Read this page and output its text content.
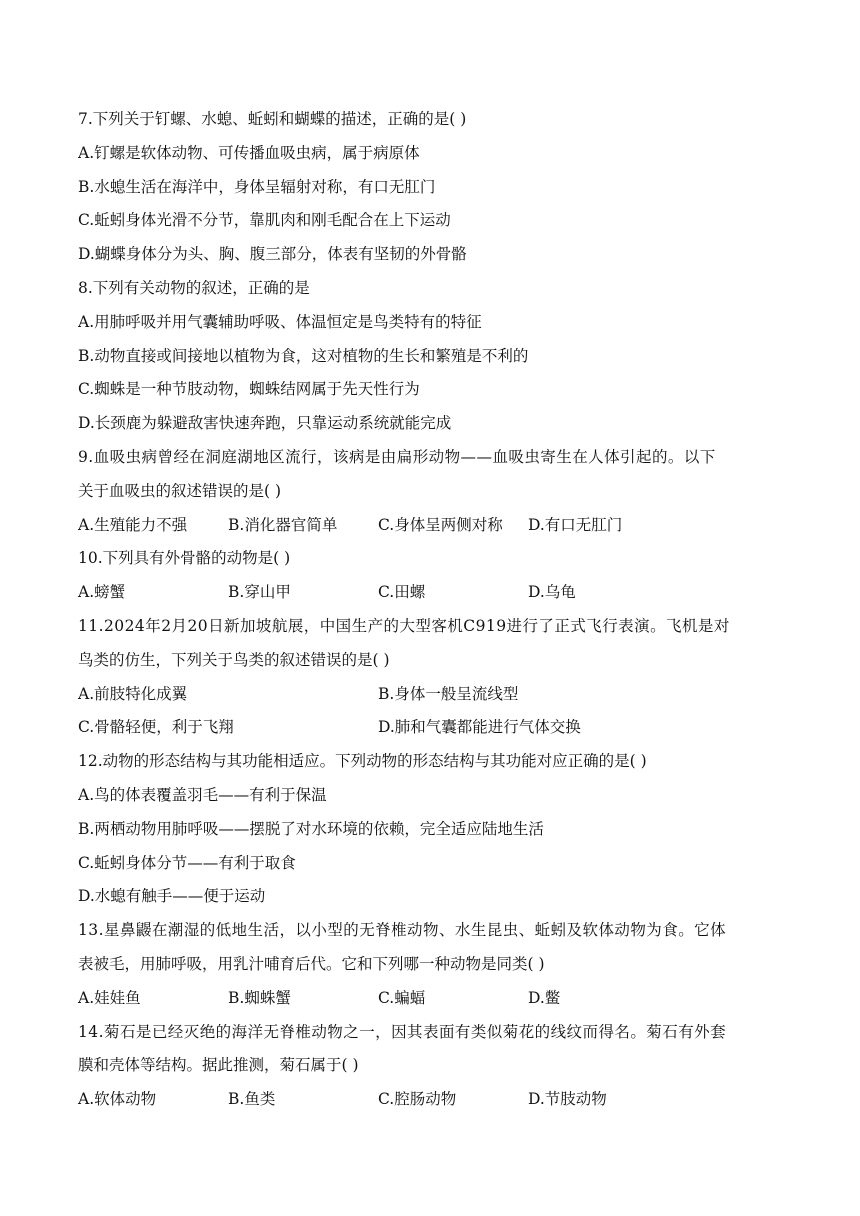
7.下列关于钉螺、水螅、蚯蚓和蝴蝶的描述，正确的是( )
A.钉螺是软体动物、可传播血吸虫病，属于病原体
B.水螅生活在海洋中，身体呈辐射对称，有口无肛门
C.蚯蚓身体光滑不分节，靠肌肉和刚毛配合在上下运动
D.蝴蝶身体分为头、胸、腹三部分，体表有坚韧的外骨骼
8.下列有关动物的叙述，正确的是
A.用肺呼吸并用气囊辅助呼吸、体温恒定是鸟类特有的特征
B.动物直接或间接地以植物为食，这对植物的生长和繁殖是不利的
C.蜘蛛是一种节肢动物，蜘蛛结网属于先天性行为
D.长颈鹿为躲避敌害快速奔跑，只靠运动系统就能完成
9.血吸虫病曾经在洞庭湖地区流行，该病是由扁形动物——血吸虫寄生在人体引起的。以下
关于血吸虫的叙述错误的是( )
A.生殖能力不强	B.消化器官简单	C.身体呈两侧对称	D.有口无肛门
10.下列具有外骨骼的动物是( )
A.螃蟹	B.穿山甲	C.田螺	D.乌龟
11.2024年2月20日新加坡航展，中国生产的大型客机C919进行了正式飞行表演。飞机是对
鸟类的仿生，下列关于鸟类的叙述错误的是( )
A.前肢特化成翼	B.身体一般呈流线型
C.骨骼轻便，利于飞翔	D.肺和气囊都能进行气体交换
12.动物的形态结构与其功能相适应。下列动物的形态结构与其功能对应正确的是( )
A.鸟的体表覆盖羽毛——有利于保温
B.两栖动物用肺呼吸——摆脱了对水环境的依赖，完全适应陆地生活
C.蚯蚓身体分节——有利于取食
D.水螅有触手——便于运动
13.星鼻鼹在潮湿的低地生活，以小型的无脊椎动物、水生昆虫、蚯蚓及软体动物为食。它体
表被毛，用肺呼吸，用乳汁哺育后代。它和下列哪一种动物是同类( )
A.娃娃鱼	B.蜘蛛蟹	C.蝙蝠	D.鳖
14.菊石是已经灭绝的海洋无脊椎动物之一，因其表面有类似菊花的线纹而得名。菊石有外套
膜和壳体等结构。据此推测，菊石属于( )
A.软体动物	B.鱼类	C.腔肠动物	D.节肢动物
